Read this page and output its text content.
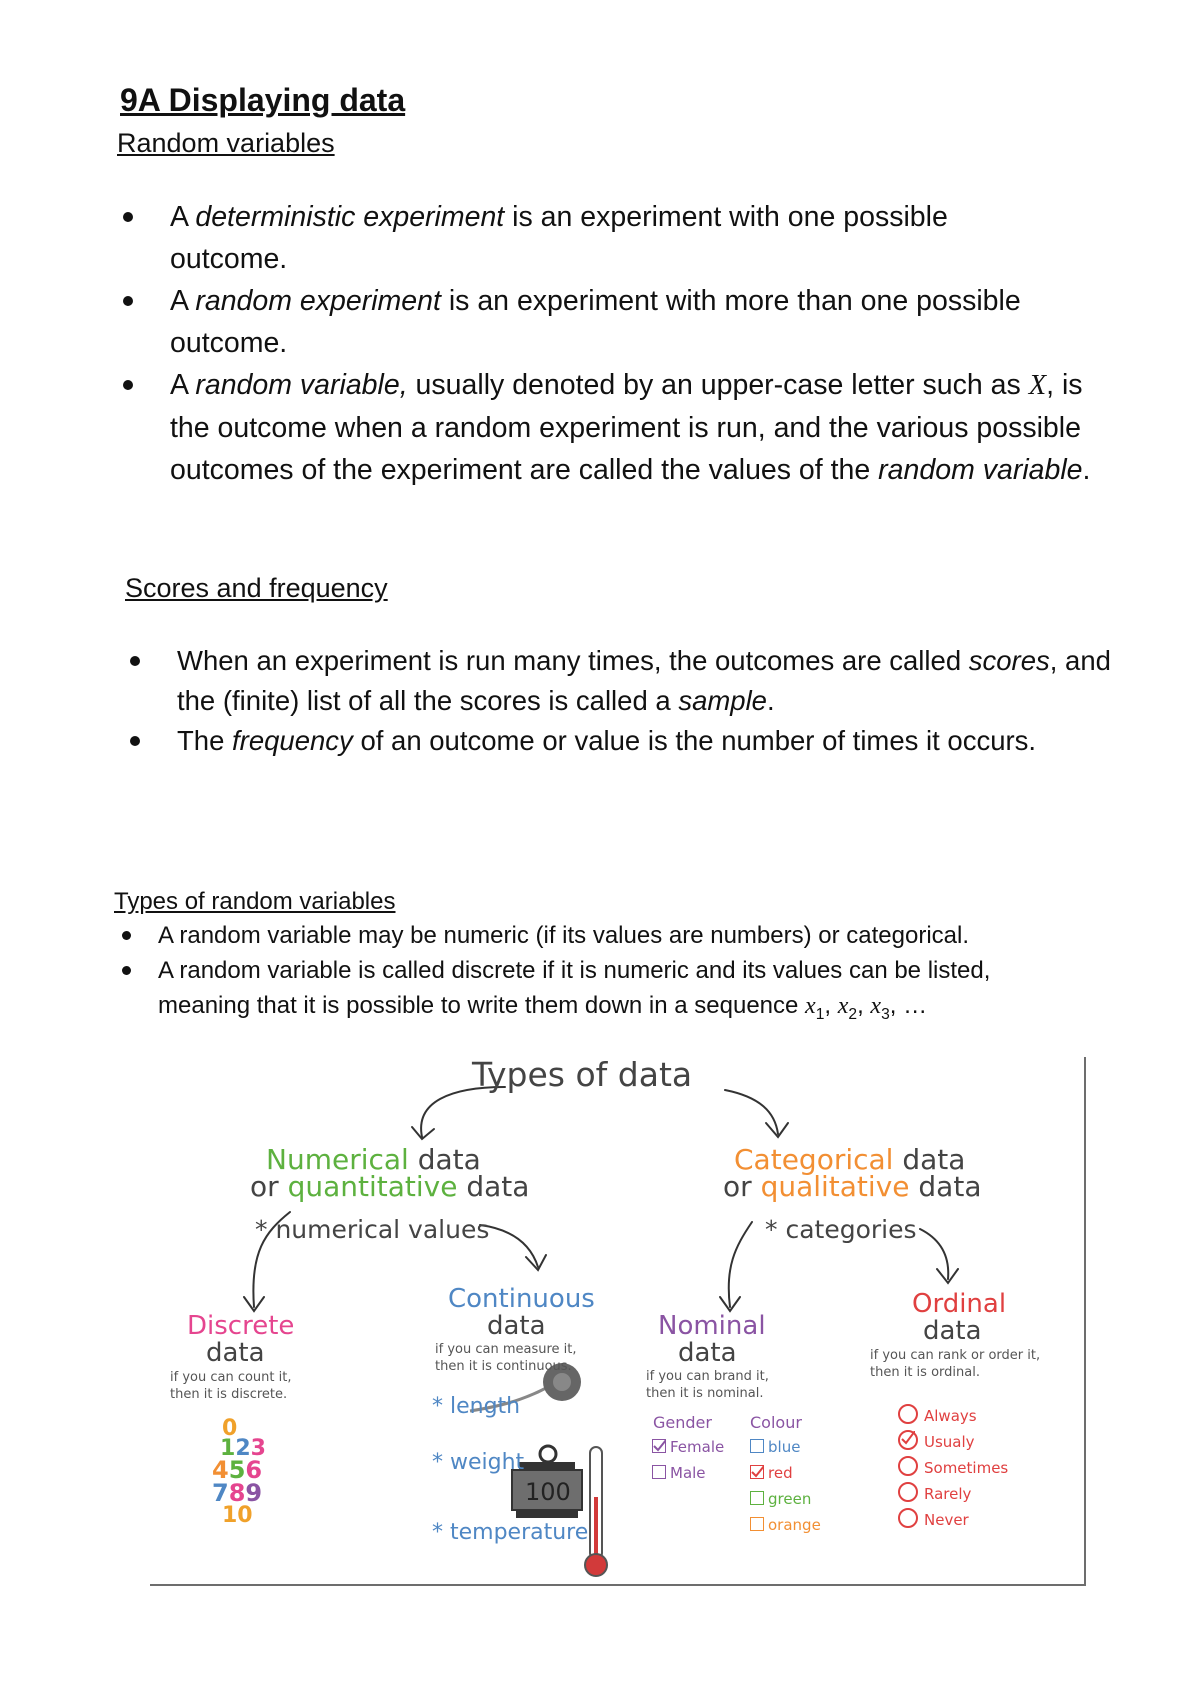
9A Displaying data
Random variables
A deterministic experiment is an experiment with one possible outcome.
A random experiment is an experiment with more than one possible outcome.
A random variable, usually denoted by an upper-case letter such as X, is the outcome when a random experiment is run, and the various possible outcomes of the experiment are called the values of the random variable.
Scores and frequency
When an experiment is run many times, the outcomes are called scores, and the (finite) list of all the scores is called a sample.
The frequency of an outcome or value is the number of times it occurs.
Types of random variables
A random variable may be numeric (if its values are numbers) or categorical.
A random variable is called discrete if it is numeric and its values can be listed, meaning that it is possible to write them down in a sequence $x_1$, $x_2$, $x_3$, …
Types of data
Numerical data
or quantitative data
* numerical values
Categorical data
or qualitative data
* categories
Discrete
data
if you can count it,
then it is discrete.
0
123
456
789
10
Continuous
data
if you can measure it,
then it is continuous.
* length
* weight
100
* temperature
Nominal
data
if you can brand it,
then it is nominal.
Gender
Female
Male
Colour
blue
red
green
orange
Ordinal
data
if you can rank or order it,
then it is ordinal.
Always
Usualy
Sometimes
Rarely
Never
